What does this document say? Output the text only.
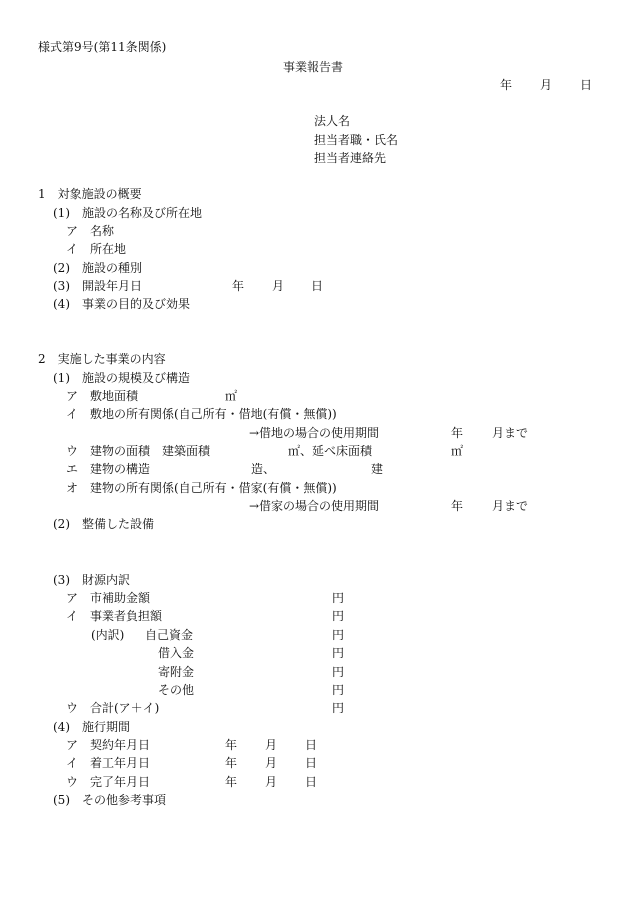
様式第9号(第11条関係)
事業報告書
年 月 日
法人名
担当者職・氏名
担当者連絡先
1　対象施設の概要
(1)　施設の名称及び所在地
ア　名称
イ　所在地
(2)　施設の種別
(3)　開設年月日	年 月 日
(4)　事業の目的及び効果
2　実施した事業の内容
(1)　施設の規模及び構造
ア　敷地面積	㎡
イ　敷地の所有関係(自己所有・借地(有償・無償))
→借地の場合の使用期間	年 月まで
ウ　建物の面積　建築面積	㎡、延べ床面積	㎡
エ　建物の構造	造、	建
オ　建物の所有関係(自己所有・借家(有償・無償))
→借家の場合の使用期間	年 月まで
(2)　整備した設備
(3)　財源内訳
ア　市補助金額	円
イ　事業者負担額	円
(内訳) 自己資金	円
借入金	円
寄附金	円
その他	円
ウ　合計(ア＋イ)	円
(4)　施行期間
ア　契約年月日	年 月 日
イ　着工年月日	年 月 日
ウ　完了年月日	年 月 日
(5)　その他参考事項
